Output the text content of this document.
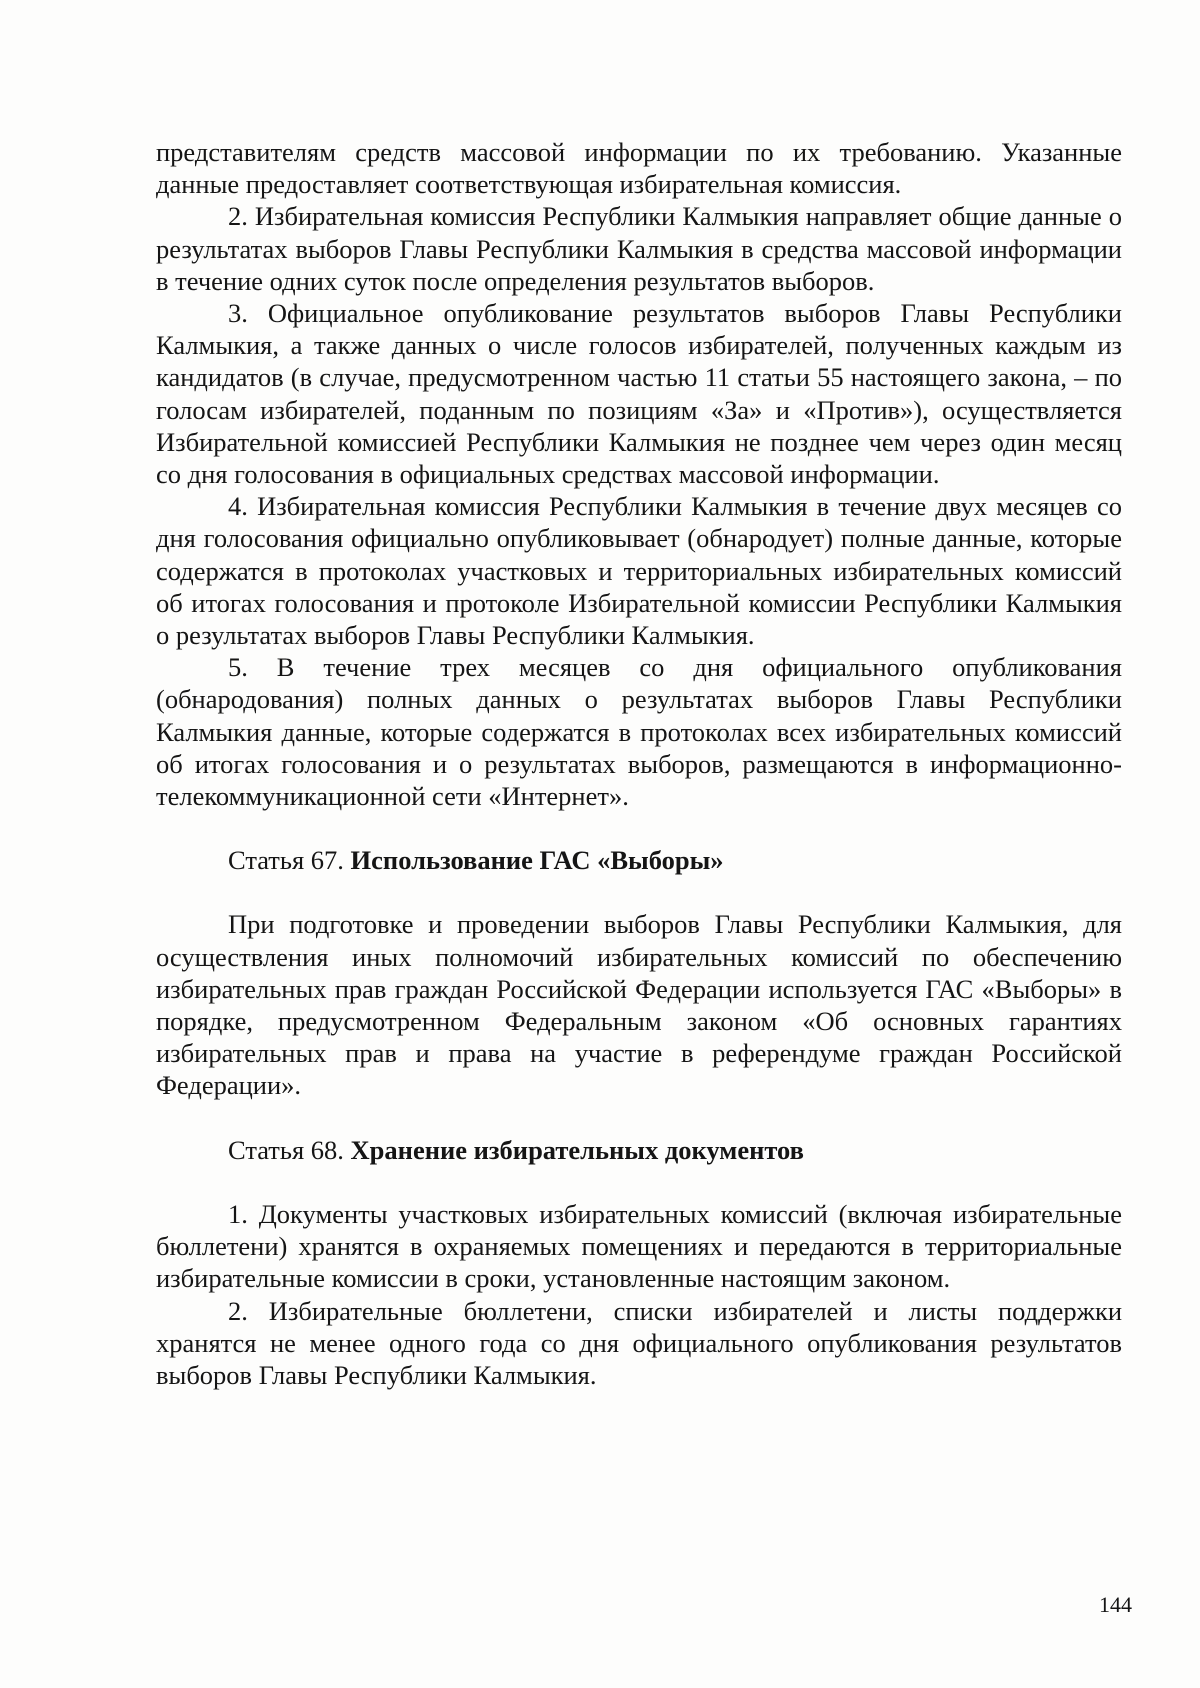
представителям средств массовой информации по их требованию. Указанные данные предоставляет соответствующая избирательная комиссия.

2. Избирательная комиссия Республики Калмыкия направляет общие данные о результатах выборов Главы Республики Калмыкия в средства массовой информации в течение одних суток после определения результатов выборов.

3. Официальное опубликование результатов выборов Главы Республики Калмыкия, а также данных о числе голосов избирателей, полученных каждым из кандидатов (в случае, предусмотренном частью 11 статьи 55 настоящего закона, – по голосам избирателей, поданным по позициям «За» и «Против»), осуществляется Избирательной комиссией Республики Калмыкия не позднее чем через один месяц со дня голосования в официальных средствах массовой информации.

4. Избирательная комиссия Республики Калмыкия в течение двух месяцев со дня голосования официально опубликовывает (обнародует) полные данные, которые содержатся в протоколах участковых и территориальных избирательных комиссий об итогах голосования и протоколе Избирательной комиссии Республики Калмыкия о результатах выборов Главы Республики Калмыкия.

5. В течение трех месяцев со дня официального опубликования (обнародования) полных данных о результатах выборов Главы Республики Калмыкия данные, которые содержатся в протоколах всех избирательных комиссий об итогах голосования и о результатах выборов, размещаются в информационно-телекоммуникационной сети «Интернет».

Статья 67. Использование ГАС «Выборы»

При подготовке и проведении выборов Главы Республики Калмыкия, для осуществления иных полномочий избирательных комиссий по обеспечению избирательных прав граждан Российской Федерации используется ГАС «Выборы» в порядке, предусмотренном Федеральным законом «Об основных гарантиях избирательных прав и права на участие в референдуме граждан Российской Федерации».

Статья 68. Хранение избирательных документов

1. Документы участковых избирательных комиссий (включая избирательные бюллетени) хранятся в охраняемых помещениях и передаются в территориальные избирательные комиссии в сроки, установленные настоящим законом.

2. Избирательные бюллетени, списки избирателей и листы поддержки хранятся не менее одного года со дня официального опубликования результатов выборов Главы Республики Калмыкия.

144
